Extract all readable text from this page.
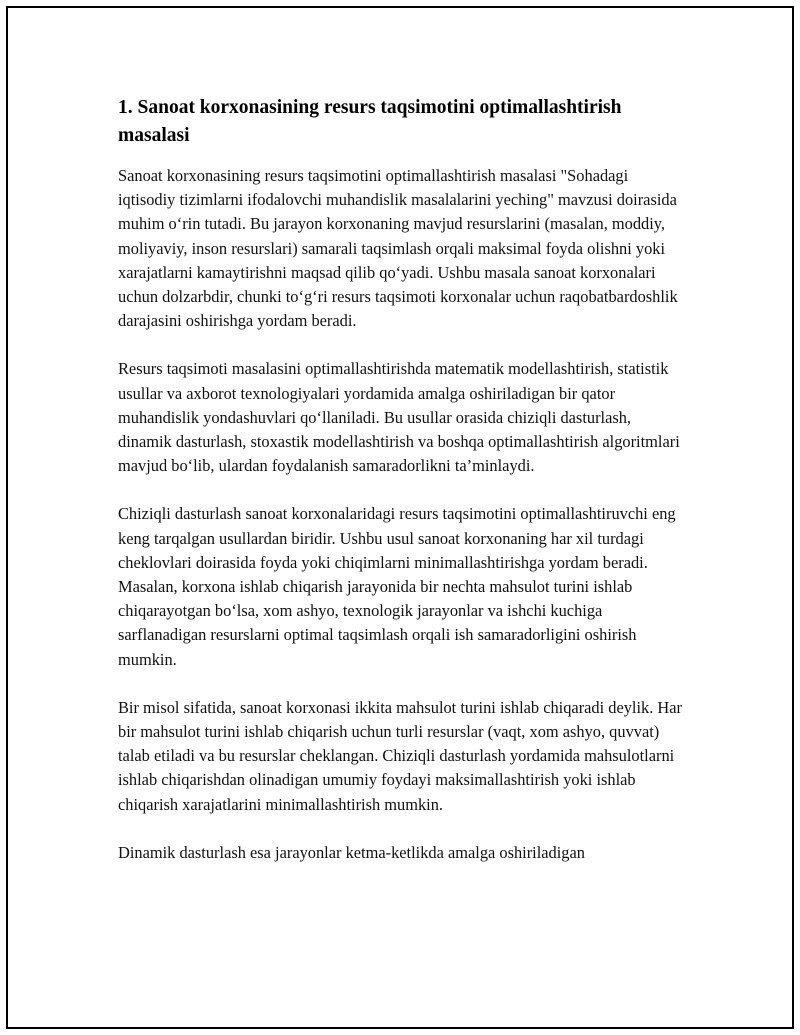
1. Sanoat korxonasining resurs taqsimotini optimallashtirish masalasi

Sanoat korxonasining resurs taqsimotini optimallashtirish masalasi "Sohadagi iqtisodiy tizimlarni ifodalovchi muhandislik masalalarini yeching" mavzusi doirasida muhim o‘rin tutadi. Bu jarayon korxonaning mavjud resurslarini (masalan, moddiy, moliyaviy, inson resurslari) samarali taqsimlash orqali maksimal foyda olishni yoki xarajatlarni kamaytirishni maqsad qilib qo‘yadi. Ushbu masala sanoat korxonalari uchun dolzarbdir, chunki to‘g‘ri resurs taqsimoti korxonalar uchun raqobatbardoshlik darajasini oshirishga yordam beradi.

Resurs taqsimoti masalasini optimallashtirishda matematik modellashtirish, statistik usullar va axborot texnologiyalari yordamida amalga oshiriladigan bir qator muhandislik yondashuvlari qo‘llaniladi. Bu usullar orasida chiziqli dasturlash, dinamik dasturlash, stoxastik modellashtirish va boshqa optimallashtirish algoritmlari mavjud bo‘lib, ulardan foydalanish samaradorlikni ta’minlaydi.

Chiziqli dasturlash sanoat korxonalaridagi resurs taqsimotini optimallashtiruvchi eng keng tarqalgan usullardan biridir. Ushbu usul sanoat korxonaning har xil turdagi cheklovlari doirasida foyda yoki chiqimlarni minimallashtirishga yordam beradi. Masalan, korxona ishlab chiqarish jarayonida bir nechta mahsulot turini ishlab chiqarayotgan bo‘lsa, xom ashyo, texnologik jarayonlar va ishchi kuchiga sarflanadigan resurslarni optimal taqsimlash orqali ish samaradorligini oshirish mumkin.

Bir misol sifatida, sanoat korxonasi ikkita mahsulot turini ishlab chiqaradi deylik. Har bir mahsulot turini ishlab chiqarish uchun turli resurslar (vaqt, xom ashyo, quvvat) talab etiladi va bu resurslar cheklangan. Chiziqli dasturlash yordamida mahsulotlarni ishlab chiqarishdan olinadigan umumiy foydayi maksimallashtirish yoki ishlab chiqarish xarajatlarini minimallashtirish mumkin.

Dinamik dasturlash esa jarayonlar ketma-ketlikda amalga oshiriladigan
